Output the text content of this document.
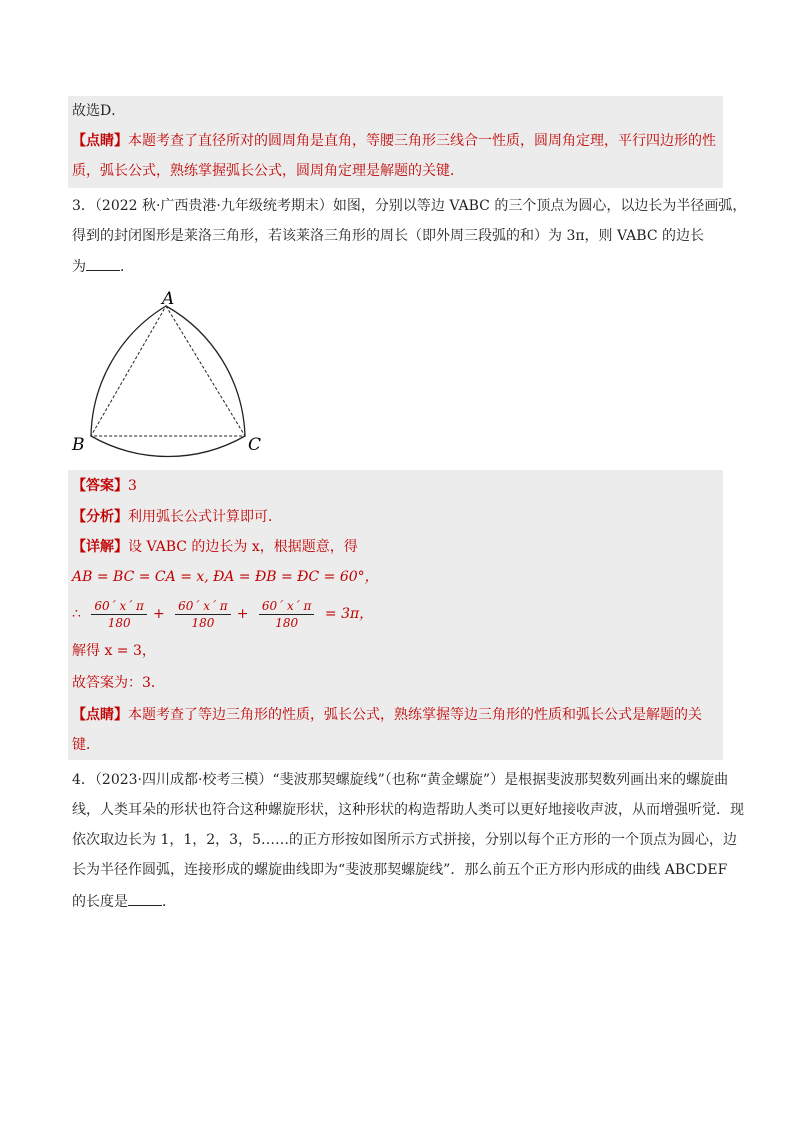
故选D．
【点睛】本题考查了直径所对的圆周角是直角，等腰三角形三线合一性质，圆周角定理，平行四边形的性
质，弧长公式，熟练掌握弧长公式，圆周角定理是解题的关键．
3．（2022 秋·广西贵港·九年级统考期末）如图，分别以等边 VABC 的三个顶点为圆心，以边长为半径画弧，
得到的封闭图形是莱洛三角形，若该莱洛三角形的周长（即外周三段弧的和）为 3π，则 VABC 的边长
为 ．
A
B	C
【答案】3
【分析】利用弧长公式计算即可．
【详解】设 VABC 的边长为 x，根据题意，得
AB = BC = CA = x, ÐA = ÐB = ÐC = 60°，
∴ $\frac{60´ x´ \pi}{180} + \frac{60´ x´ \pi}{180} + \frac{60´ x´ \pi}{180} = 3\pi$，
解得 x = 3，
故答案为：3．
【点睛】本题考查了等边三角形的性质，弧长公式，熟练掌握等边三角形的性质和弧长公式是解题的关
键．
4．（2023·四川成都·校考三模）“斐波那契螺旋线”（也称“黄金螺旋”）是根据斐波那契数列画出来的螺旋曲
线，人类耳朵的形状也符合这种螺旋形状，这种形状的构造帮助人类可以更好地接收声波，从而增强听觉．现
依次取边长为 1，1，2，3，5……的正方形按如图所示方式拼接，分别以每个正方形的一个顶点为圆心，边
长为半径作圆弧，连接形成的螺旋曲线即为“斐波那契螺旋线”．那么前五个正方形内形成的曲线 ABCDEF
的长度是 ．
